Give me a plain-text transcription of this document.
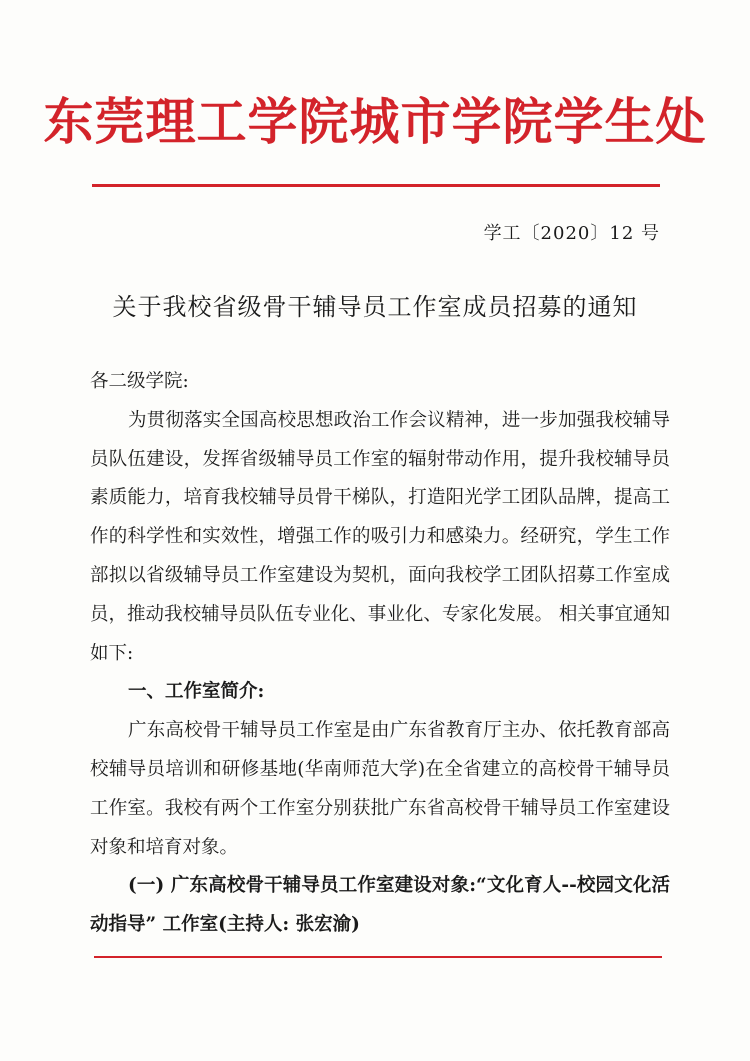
东莞理工学院城市学院学生处
学工〔2020〕12 号
关于我校省级骨干辅导员工作室成员招募的通知

各二级学院:

为贯彻落实全国高校思想政治工作会议精神，进一步加强我校辅导员队伍建设，发挥省级辅导员工作室的辐射带动作用，提升我校辅导员素质能力，培育我校辅导员骨干梯队，打造阳光学工团队品牌，提高工作的科学性和实效性，增强工作的吸引力和感染力。经研究，学生工作部拟以省级辅导员工作室建设为契机，面向我校学工团队招募工作室成员，推动我校辅导员队伍专业化、事业化、专家化发展。 相关事宜通知如下:

一、工作室简介:

广东高校骨干辅导员工作室是由广东省教育厅主办、依托教育部高校辅导员培训和研修基地(华南师范大学)在全省建立的高校骨干辅导员工作室。我校有两个工作室分别获批广东省高校骨干辅导员工作室建设对象和培育对象。

(一) 广东高校骨干辅导员工作室建设对象:“文化育人--校园文化活动指导” 工作室(主持人: 张宏渝)
